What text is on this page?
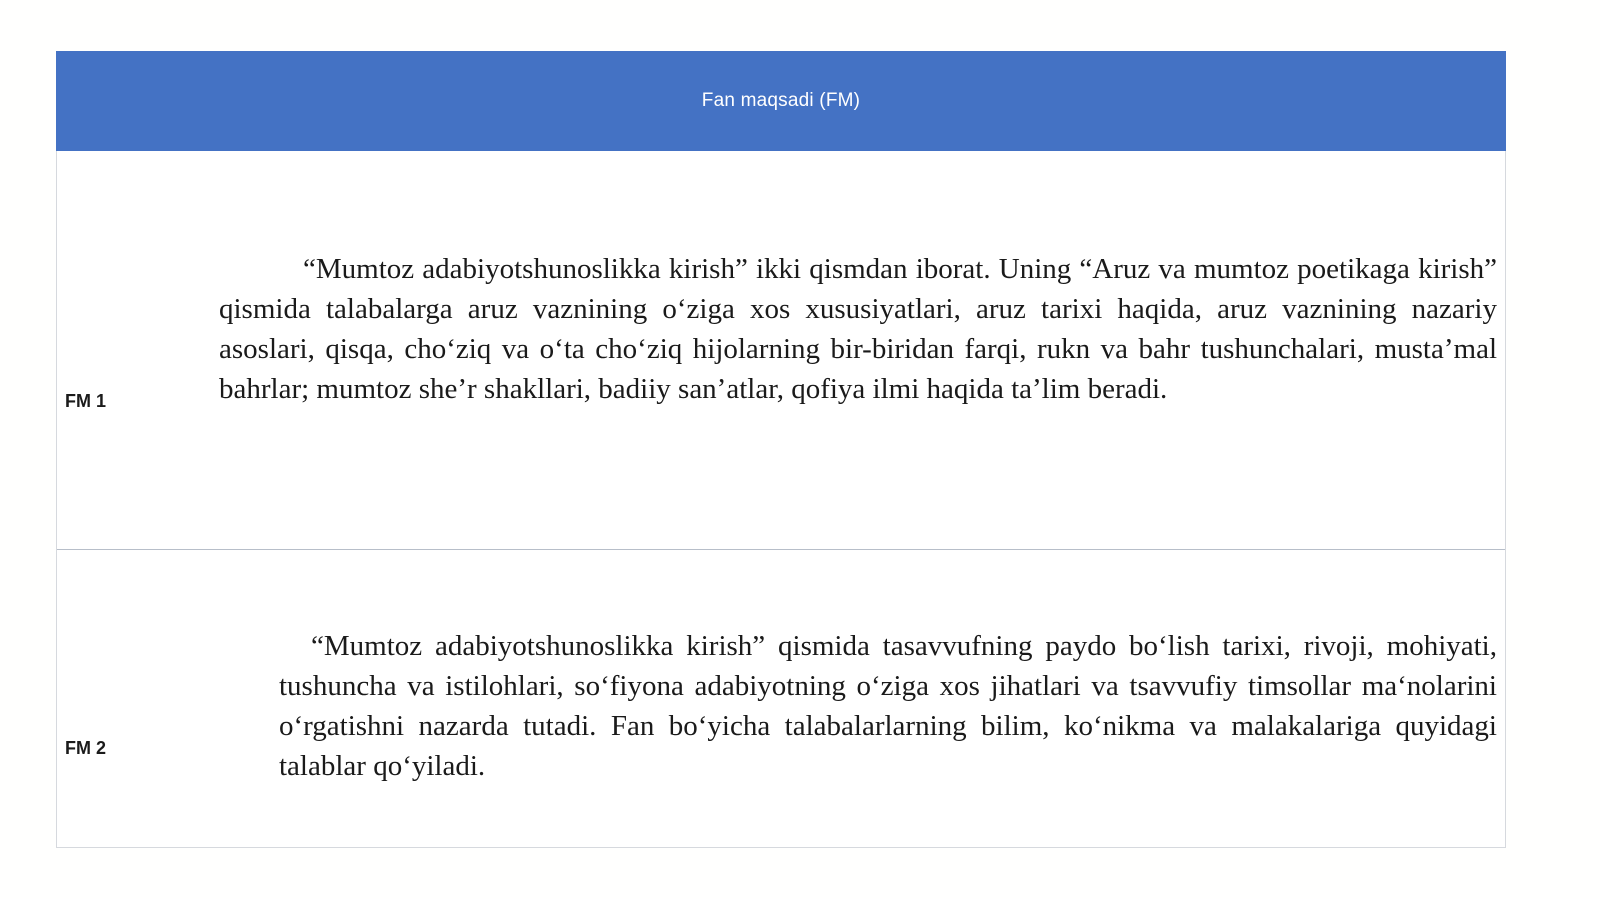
Fan maqsadi (FM)
FM 1

“Mumtoz adabiyotshunoslikka kirish” ikki qismdan iborat. Uning “Aruz va mumtoz poetikaga kirish” qismida talabalarga aruz vaznining oʻziga xos xususiyatlari, aruz tarixi haqida, aruz vaznining nazariy asoslari, qisqa, choʻziq va oʻta choʻziq hijolarning bir-biridan farqi, rukn va bahr tushunchalari, mustaʼmal bahrlar; mumtoz sheʼr shakllari, badiiy sanʼatlar, qofiya ilmi haqida taʼlim beradi.

FM 2

“Mumtoz adabiyotshunoslikka kirish” qismida tasavvufning paydo boʻlish tarixi, rivoji, mohiyati, tushuncha va istilohlari, soʻfiyona adabiyotning oʻziga xos jihatlari va tsavvufiy timsollar maʻnolarini oʻrgatishni nazarda tutadi. Fan boʻyicha talabalarlarning bilim, koʻnikma va malakalariga quyidagi talablar qoʻyiladi.
